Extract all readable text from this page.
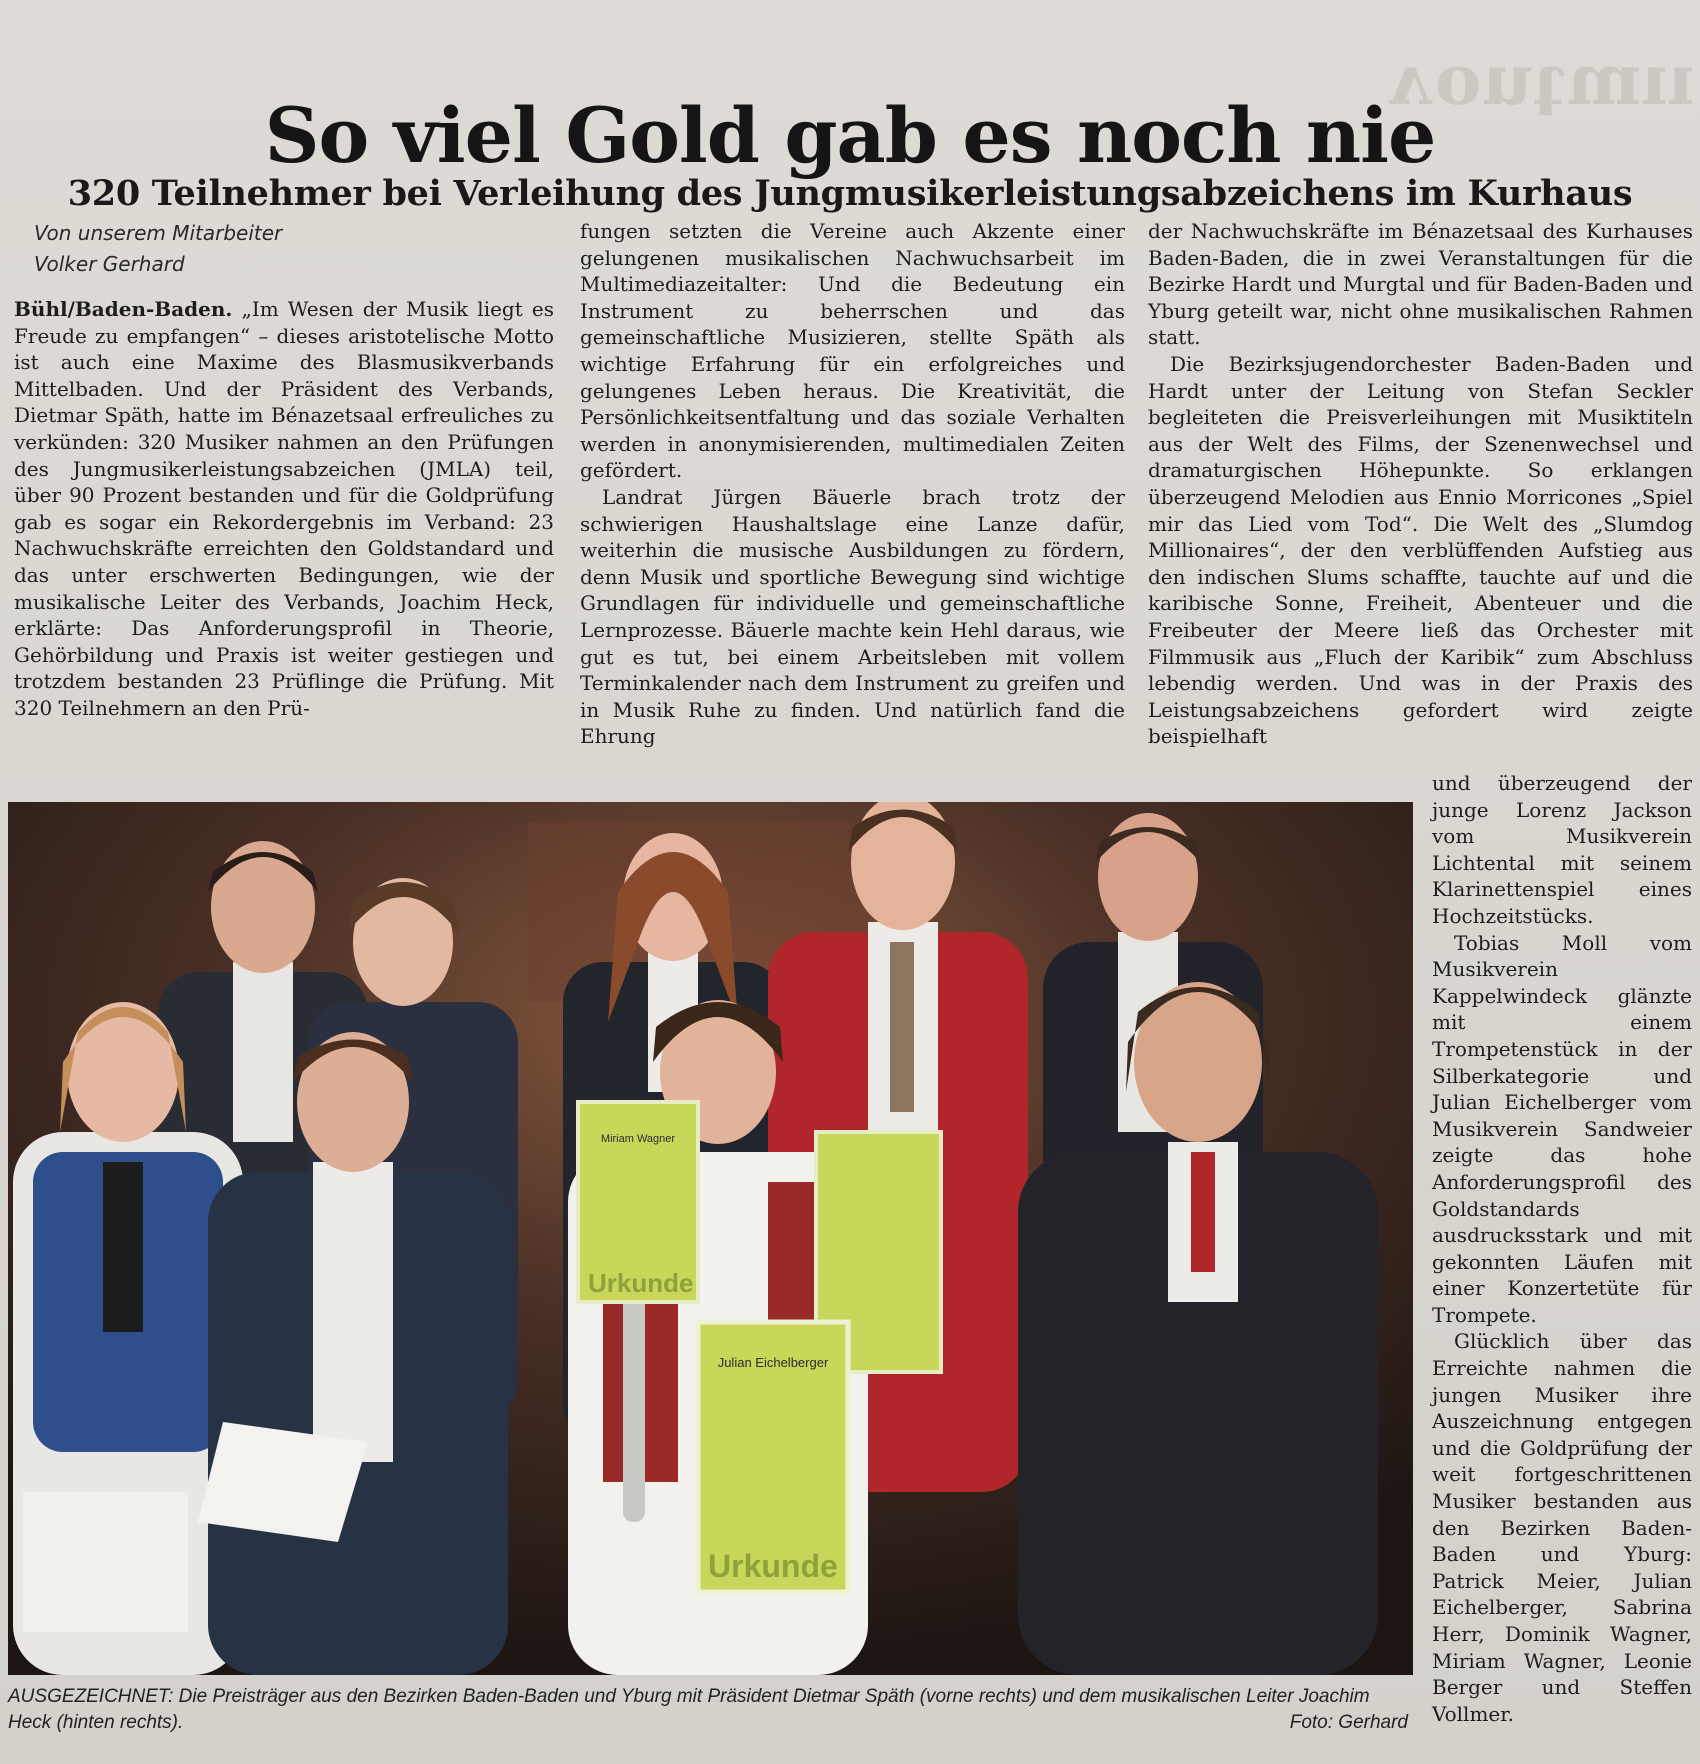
ıımʇuoʌ
So viel Gold gab es noch nie
320 Teilnehmer bei Verleihung des Jungmusikerleistungsabzeichens im Kurhaus
Von unserem Mitarbeiter
Volker Gerhard

Bühl/Baden-Baden. „Im Wesen der Musik liegt es Freude zu empfangen“ – dieses aristotelische Motto ist auch eine Maxime des Blasmusikverbands Mittelbaden. Und der Präsident des Verbands, Dietmar Späth, hatte im Bénazetsaal erfreuliches zu verkünden: 320 Musiker nahmen an den Prüfungen des Jungmusikerleistungsabzeichen (JMLA) teil, über 90 Prozent bestanden und für die Goldprüfung gab es sogar ein Rekordergebnis im Verband: 23 Nachwuchskräfte erreichten den Goldstandard und das unter erschwerten Bedingungen, wie der musikalische Leiter des Verbands, Joachim Heck, erklärte: Das Anforderungsprofil in Theorie, Gehörbildung und Praxis ist weiter gestiegen und trotzdem bestanden 23 Prüflinge die Prüfung. Mit 320 Teilnehmern an den Prü-

fungen setzten die Vereine auch Akzente einer gelungenen musikalischen Nachwuchsarbeit im Multimediazeitalter: Und die Bedeutung ein Instrument zu beherrschen und das gemeinschaftliche Musizieren, stellte Späth als wichtige Erfahrung für ein erfolgreiches und gelungenes Leben heraus. Die Kreativität, die Persönlichkeitsentfaltung und das soziale Verhalten werden in anonymisierenden, multimedialen Zeiten gefördert.

Landrat Jürgen Bäuerle brach trotz der schwierigen Haushaltslage eine Lanze dafür, weiterhin die musische Ausbildungen zu fördern, denn Musik und sportliche Bewegung sind wichtige Grundlagen für individuelle und gemeinschaftliche Lernprozesse. Bäuerle machte kein Hehl daraus, wie gut es tut, bei einem Arbeitsleben mit vollem Terminkalender nach dem Instrument zu greifen und in Musik Ruhe zu finden. Und natürlich fand die Ehrung

der Nachwuchskräfte im Bénazetsaal des Kurhauses Baden-Baden, die in zwei Veranstaltungen für die Bezirke Hardt und Murgtal und für Baden-Baden und Yburg geteilt war, nicht ohne musikalischen Rahmen statt.

Die Bezirksjugendorchester Baden-Baden und Hardt unter der Leitung von Stefan Seckler begleiteten die Preisverleihungen mit Musiktiteln aus der Welt des Films, der Szenenwechsel und dramaturgischen Höhepunkte. So erklangen überzeugend Melodien aus Ennio Morricones „Spiel mir das Lied vom Tod“. Die Welt des „Slumdog Millionaires“, der den verblüffenden Aufstieg aus den indischen Slums schaffte, tauchte auf und die karibische Sonne, Freiheit, Abenteuer und die Freibeuter der Meere ließ das Orchester mit Filmmusik aus „Fluch der Karibik“ zum Abschluss lebendig werden. Und was in der Praxis des Leistungsabzeichens gefordert wird zeigte beispielhaft

und überzeugend der junge Lorenz Jackson vom Musikverein Lichtental mit seinem Klarinettenspiel eines Hochzeitstücks.

Tobias Moll vom Musikverein Kappelwindeck glänzte mit einem Trompetenstück in der Silberkategorie und Julian Eichelberger vom Musikverein Sandweier zeigte das hohe Anforderungsprofil des Goldstandards ausdrucksstark und mit gekonnten Läufen mit einer Konzertetüte für Trompete.

Glücklich über das Erreichte nahmen die jungen Musiker ihre Auszeichnung entgegen und die Goldprüfung der weit fortgeschrittenen Musiker bestanden aus den Bezirken Baden-Baden und Yburg: Patrick Meier, Julian Eichelberger, Sabrina Herr, Dominik Wagner, Miriam Wagner, Leonie Berger und Steffen Vollmer.

Miriam Wagner
Urkunde
Julian Eichelberger
Urkunde
AUSGEZEICHNET: Die Preisträger aus den Bezirken Baden-Baden und Yburg mit Präsident Dietmar Späth (vorne rechts) und dem musikalischen Leiter Joachim Heck (hinten rechts).	Foto: Gerhard
